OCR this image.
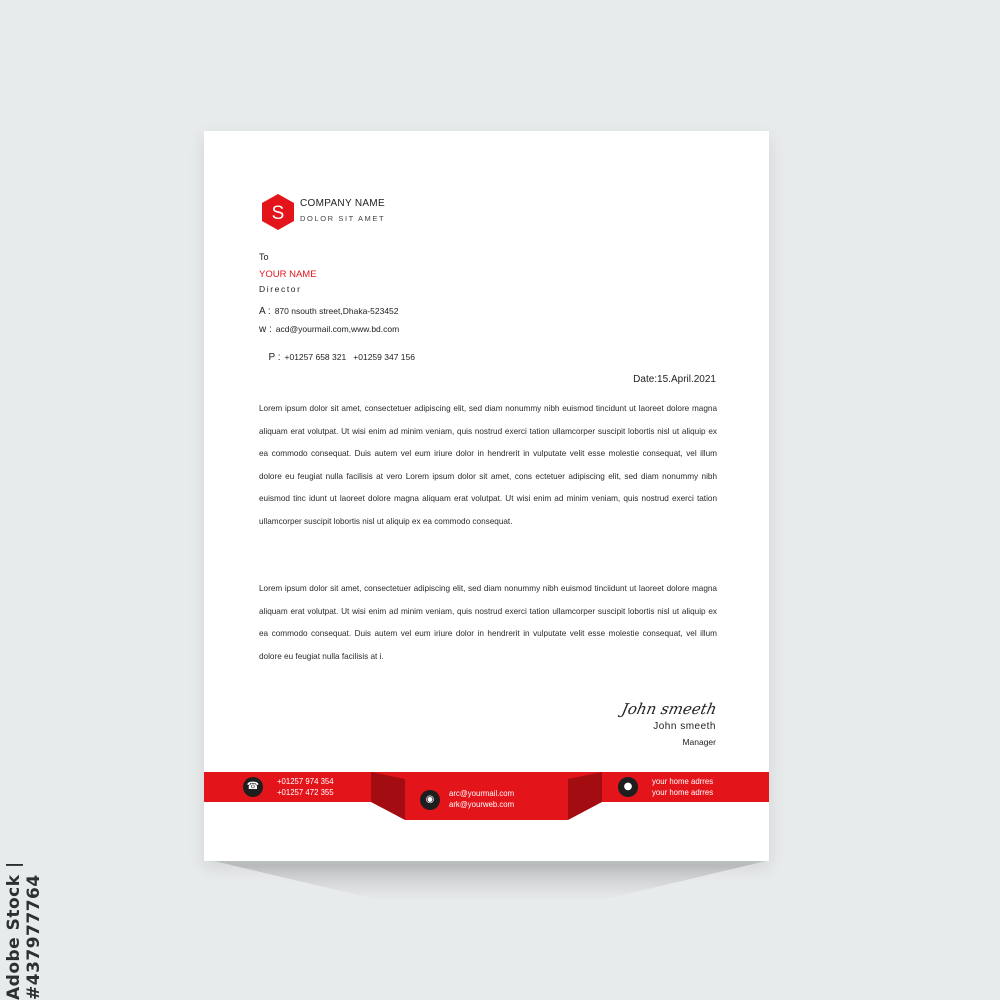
Adobe Stock | #437977764
S COMPANY NAME
DOLOR SIT AMET
To
YOUR NAME
Director
A : 870 nsouth street,Dhaka-523452
w : acd@yourmail.com,www.bd.com

P : +01257 658 321   +01259 347 156

Date:15.April.2021
Lorem ipsum dolor sit amet, consectetuer adipiscing elit, sed diam nonummy nibh euismod tincidunt ut laoreet dolore magna aliquam erat volutpat. Ut wisi enim ad minim veniam, quis nostrud exerci tation ullamcorper suscipit lobortis nisl ut aliquip ex ea commodo consequat. Duis autem vel eum iriure dolor in hendrerit in vulputate velit esse molestie consequat, vel illum dolore eu feugiat nulla facilisis at vero Lorem ipsum dolor sit amet, cons ectetuer adipiscing elit, sed diam nonummy nibh euismod tinc idunt ut laoreet dolore magna aliquam erat volutpat. Ut wisi enim ad minim veniam, quis nostrud exerci tation ullamcorper suscipit lobortis nisl ut aliquip ex ea commodo consequat.
Lorem ipsum dolor sit amet, consectetuer adipiscing elit, sed diam nonummy nibh euismod tinciidunt ut laoreet dolore magna aliquam erat volutpat. Ut wisi enim ad minim veniam, quis nostrud exerci tation ullamcorper suscipit lobortis nisl ut aliquip ex ea commodo consequat. Duis autem vel eum iriure dolor in hendrerit in vulputate velit esse molestie consequat, vel illum dolore eu feugiat nulla facilisis at i.
John smeeth
John smeeth
Manager
☎	+01257 974 354
+01257 472 355
◉
arc@yourmail.com
ark@yourweb.com
●	your home adrres
your home adrres
